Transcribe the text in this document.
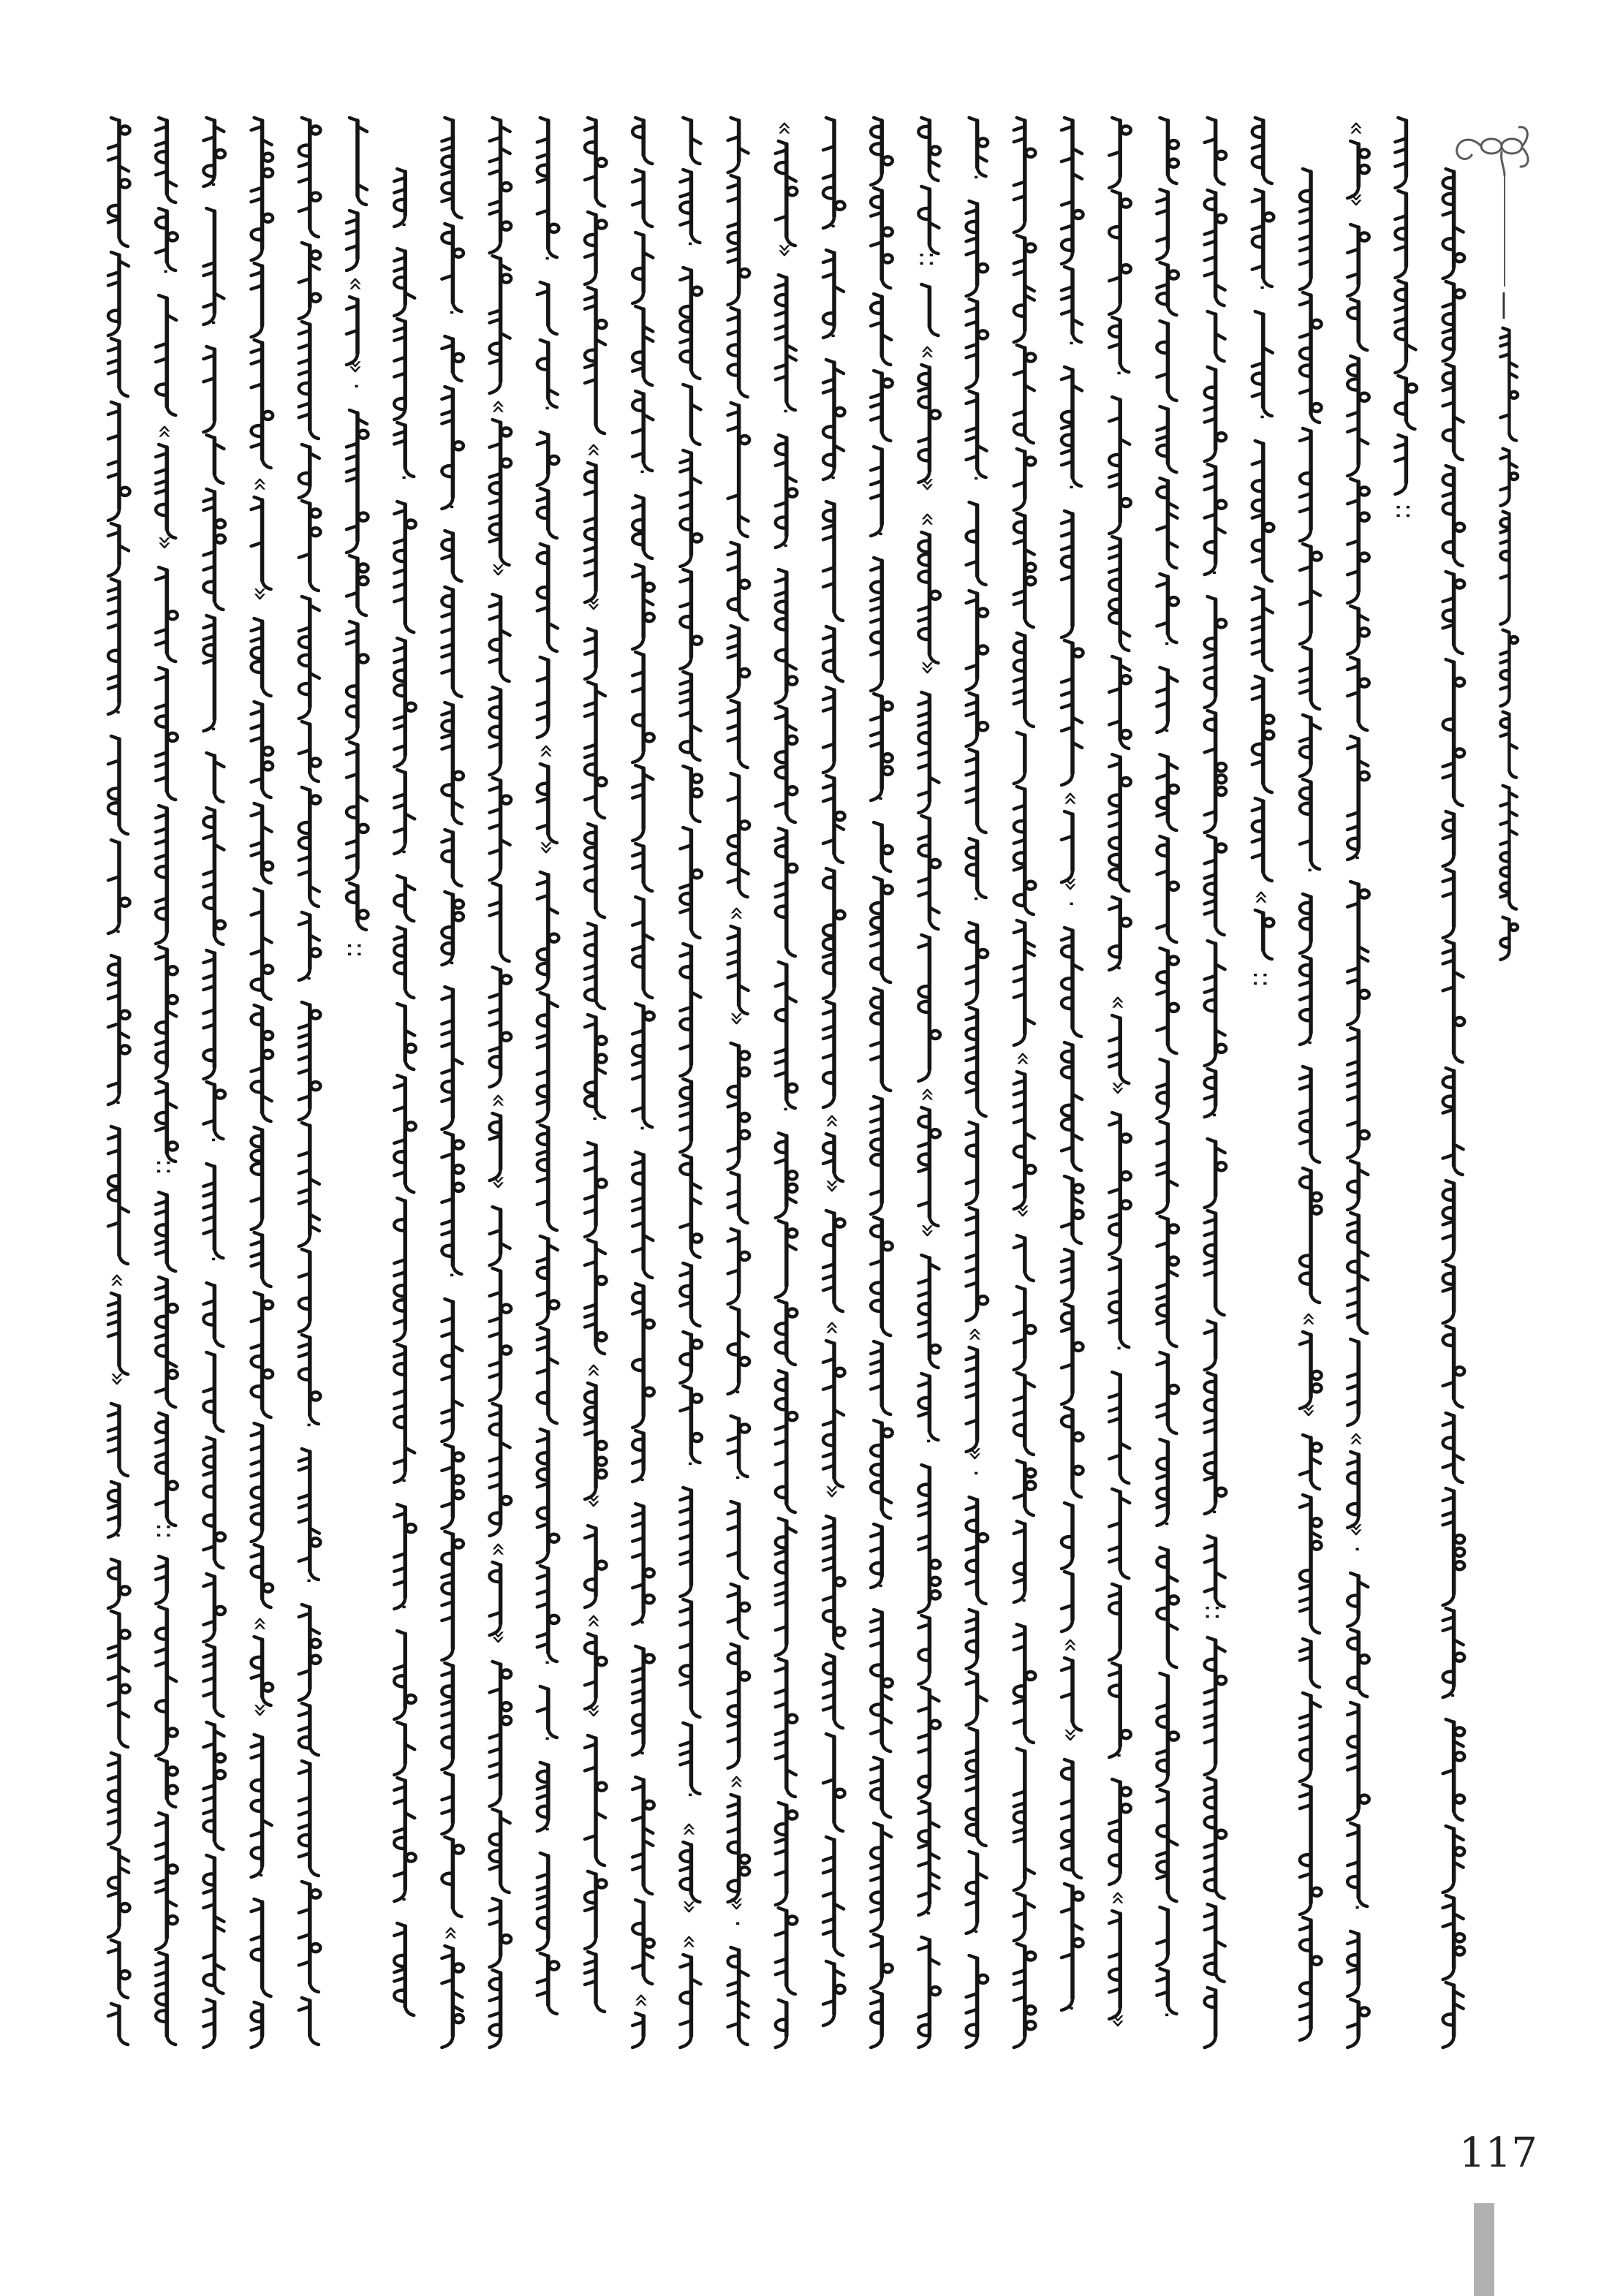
—
·
·
·
«
»
·
·
«
»
::
::
·
·
·
·
·
«
»
«
»
·
·
·
·
«
»
·
::
·
·
·
·
·
·
·
·
·
·
«
«
»
«
»
«
»
·
·
«
»
·
·
·
«
»
·
«
»
«
»
·
·
·
·
·
«
·
·
·
«
»
«
«
»
·
·
«
»
·
«
»
·
·
·
·
·
·
«
»
«
»
·
·
·
::
«
»
«
»
«
»
·
·
·
·
·
«
»
·
·
«
»
·
·
·
«
»
·
«
»
·
·
·
«
»
·
·
«
»
·
·
·
·
·
·
·
::
·
·
«
::
·
·
«
»
«
»
·
«
»
·
·
::
·
117
